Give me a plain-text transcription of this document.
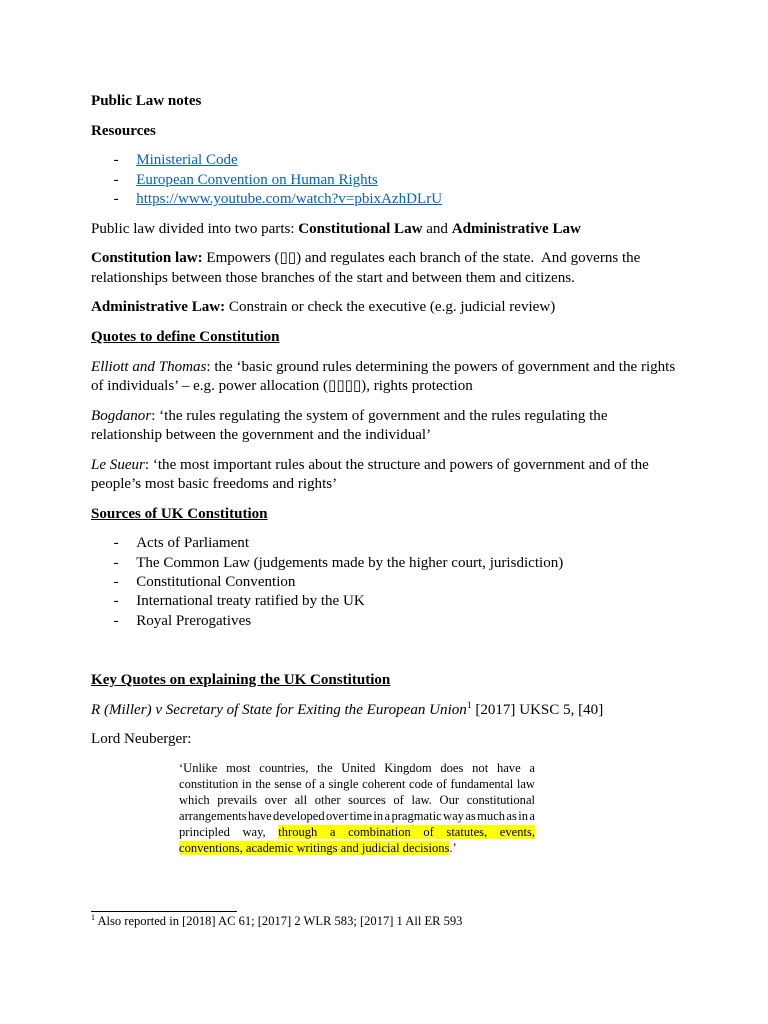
Public Law notes

Resources

- Ministerial Code
- European Convention on Human Rights
- https://www.youtube.com/watch?v=pbixAzhDLrU

Public law divided into two parts: Constitutional Law and Administrative Law

Constitution law: Empowers (▯▯) and regulates each branch of the state.  And governs the relationships between those branches of the start and between them and citizens.

Administrative Law: Constrain or check the executive (e.g. judicial review)

Quotes to define Constitution

Elliott and Thomas: the ‘basic ground rules determining the powers of government and the rights of individuals’ – e.g. power allocation (▯▯▯▯), rights protection

Bogdanor: ‘the rules regulating the system of government and the rules regulating the relationship between the government and the individual’

Le Sueur: ‘the most important rules about the structure and powers of government and of the people’s most basic freedoms and rights’

Sources of UK Constitution

- Acts of Parliament
- The Common Law (judgements made by the higher court, jurisdiction)
- Constitutional Convention
- International treaty ratified by the UK
- Royal Prerogatives

Key Quotes on explaining the UK Constitution

R (Miller) v Secretary of State for Exiting the European Union$^1$ [2017] UKSC 5, [40]

Lord Neuberger:

‘Unlike most countries, the United Kingdom does not have a
constitution in the sense of a single coherent code of fundamental law
which prevails over all other sources of law. Our constitutional
arrangements have developed over time in a pragmatic way as much as in a
principled way, through a combination of statutes, events,
conventions, academic writings and judicial decisions.’
$^1$ Also reported in [2018] AC 61; [2017] 2 WLR 583; [2017] 1 All ER 593
